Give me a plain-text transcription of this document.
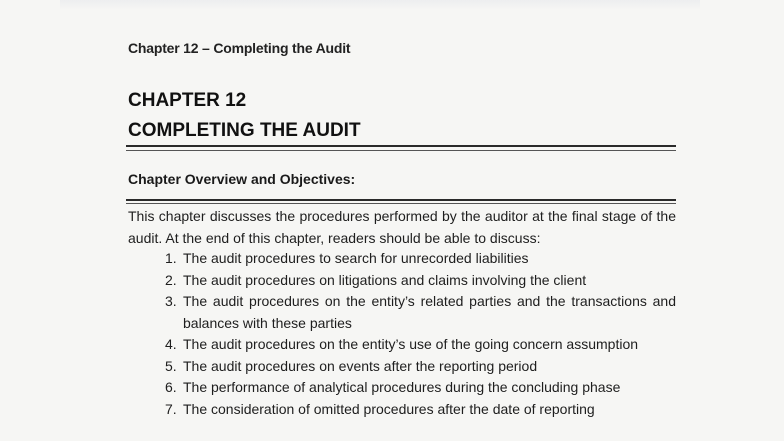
Chapter 12 – Completing the Audit
CHAPTER 12
COMPLETING THE AUDIT
Chapter Overview and Objectives:
This chapter discusses the procedures performed by the auditor at the final stage of the audit. At the end of this chapter, readers should be able to discuss:
1. The audit procedures to search for unrecorded liabilities
2. The audit procedures on litigations and claims involving the client
3. The audit procedures on the entity’s related parties and the transactions and balances with these parties
4. The audit procedures on the entity’s use of the going concern assumption
5. The audit procedures on events after the reporting period
6. The performance of analytical procedures during the concluding phase
7. The consideration of omitted procedures after the date of reporting
